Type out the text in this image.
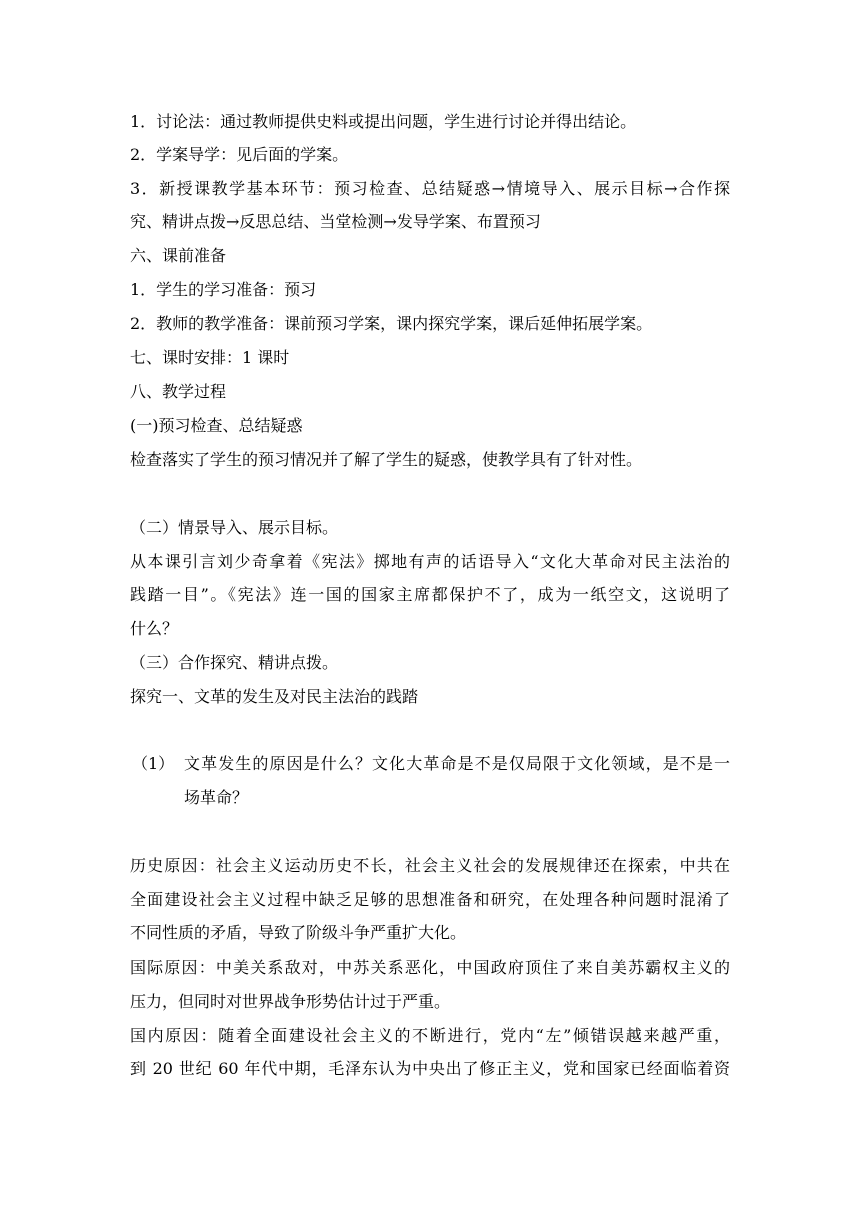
1．讨论法：通过教师提供史料或提出问题，学生进行讨论并得出结论。
2．学案导学：见后面的学案。
3．新授课教学基本环节：预习检查、总结疑惑→情境导入、展示目标→合作探
究、精讲点拨→反思总结、当堂检测→发导学案、布置预习
六、课前准备
1．学生的学习准备：预习
2．教师的教学准备：课前预习学案，课内探究学案，课后延伸拓展学案。
七、课时安排：1 课时
八、教学过程
(一)预习检查、总结疑惑
检查落实了学生的预习情况并了解了学生的疑惑，使教学具有了针对性。
（二）情景导入、展示目标。
从本课引言刘少奇拿着《宪法》掷地有声的话语导入“文化大革命对民主法治的
践踏一目”。《宪法》连一国的国家主席都保护不了，成为一纸空文，这说明了
什么？
（三）合作探究、精讲点拨。
探究一、文革的发生及对民主法治的践踏
（1） 文革发生的原因是什么？文化大革命是不是仅局限于文化领域，是不是一
场革命？
历史原因：社会主义运动历史不长，社会主义社会的发展规律还在探索，中共在
全面建设社会主义过程中缺乏足够的思想准备和研究，在处理各种问题时混淆了
不同性质的矛盾，导致了阶级斗争严重扩大化。
国际原因：中美关系敌对，中苏关系恶化，中国政府顶住了来自美苏霸权主义的
压力，但同时对世界战争形势估计过于严重。
国内原因：随着全面建设社会主义的不断进行，党内“左”倾错误越来越严重，
到 20 世纪 60 年代中期，毛泽东认为中央出了修正主义，党和国家已经面临着资
